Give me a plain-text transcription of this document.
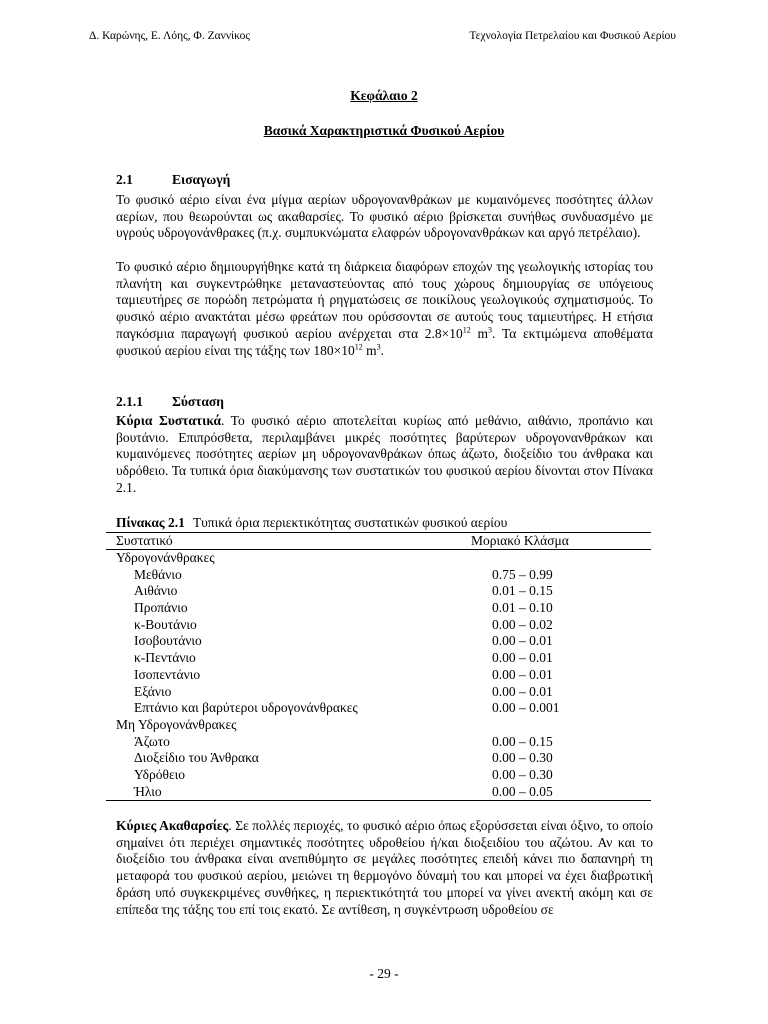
Δ. Καρώνης, Ε. Λόης, Φ. Ζαννίκος	Τεχνολογία Πετρελαίου και Φυσικού Αερίου
Κεφάλαιο 2
Βασικά Χαρακτηριστικά Φυσικού Αερίου
2.1	Εισαγωγή
Το φυσικό αέριο είναι ένα μίγμα αερίων υδρογονανθράκων με κυμαινόμενες ποσότητες άλλων αερίων, που θεωρούνται ως ακαθαρσίες. Το φυσικό αέριο βρίσκεται συνήθως συνδυασμένο με υγρούς υδρογονάνθρακες (π.χ. συμπυκνώματα ελαφρών υδρογονανθράκων και αργό πετρέλαιο).
Το φυσικό αέριο δημιουργήθηκε κατά τη διάρκεια διαφόρων εποχών της γεωλογικής ιστορίας του πλανήτη και συγκεντρώθηκε μεταναστεύοντας από τους χώρους δημιουργίας σε υπόγειους ταμιευτήρες σε πορώδη πετρώματα ή ρηγματώσεις σε ποικίλους γεωλογικούς σχηματισμούς. Το φυσικό αέριο ανακτάται μέσω φρεάτων που ορύσσονται σε αυτούς τους ταμιευτήρες. Η ετήσια παγκόσμια παραγωγή φυσικού αερίου ανέρχεται στα $2.8\times 10^{12}$ $m^3$. Τα εκτιμώμενα αποθέματα φυσικού αερίου είναι της τάξης των $180\times 10^{12}$ $m^3$.
2.1.1 Σύσταση
Κύρια Συστατικά. Το φυσικό αέριο αποτελείται κυρίως από μεθάνιο, αιθάνιο, προπάνιο και βουτάνιο. Επιπρόσθετα, περιλαμβάνει μικρές ποσότητες βαρύτερων υδρογονανθράκων και κυμαινόμενες ποσότητες αερίων μη υδρογονανθράκων όπως άζωτο, διοξείδιο του άνθρακα και υδρόθειο. Τα τυπικά όρια διακύμανσης των συστατικών του φυσικού αερίου δίνονται στον Πίνακα 2.1.
Πίνακας 2.1 Τυπικά όρια περιεκτικότητας συστατικών φυσικού αερίου
Συστατικό	Μοριακό Κλάσμα
Υδρογονάνθρακες
Μεθάνιο	0.75 – 0.99
Αιθάνιο	0.01 – 0.15
Προπάνιο	0.01 – 0.10
κ-Βουτάνιο	0.00 – 0.02
Ισοβουτάνιο	0.00 – 0.01
κ-Πεντάνιο	0.00 – 0.01
Ισοπεντάνιο	0.00 – 0.01
Εξάνιο	0.00 – 0.01
Επτάνιο και βαρύτεροι υδρογονάνθρακες	0.00 – 0.001
Μη Υδρογονάνθρακες
Άζωτο	0.00 – 0.15
Διοξείδιο του Άνθρακα	0.00 – 0.30
Υδρόθειο	0.00 – 0.30
Ήλιο	0.00 – 0.05
Κύριες Ακαθαρσίες. Σε πολλές περιοχές, το φυσικό αέριο όπως εξορύσσεται είναι όξινο, το οποίο σημαίνει ότι περιέχει σημαντικές ποσότητες υδροθείου ή/και διοξειδίου του αζώτου. Αν και το διοξείδιο του άνθρακα είναι ανεπιθύμητο σε μεγάλες ποσότητες επειδή κάνει πιο δαπανηρή τη μεταφορά του φυσικού αερίου, μειώνει τη θερμογόνο δύναμή του και μπορεί να έχει διαβρωτική δράση υπό συγκεκριμένες συνθήκες, η περιεκτικότητά του μπορεί να γίνει ανεκτή ακόμη και σε επίπεδα της τάξης του επί τοις εκατό. Σε αντίθεση, η συγκέντρωση υδροθείου σε
- 29 -
